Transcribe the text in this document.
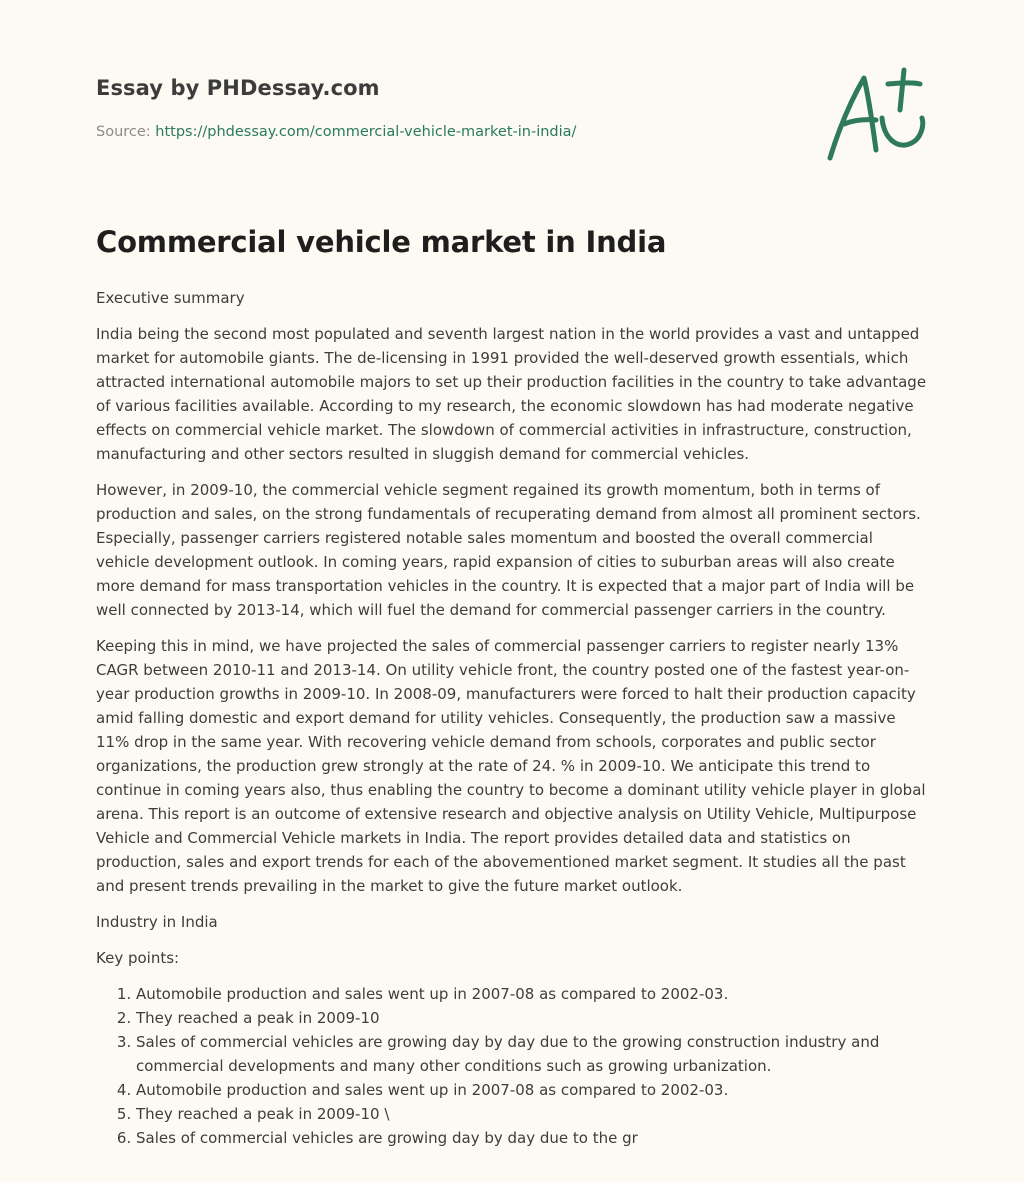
Essay by PHDessay.com
Source: https://phdessay.com/commercial-vehicle-market-in-india/
Commercial vehicle market in India

Executive summary

India being the second most populated and seventh largest nation in the world provides a vast and untapped market for automobile giants. The de-licensing in 1991 provided the well-deserved growth essentials, which attracted international automobile majors to set up their production facilities in the country to take advantage of various facilities available. According to my research, the economic slowdown has had moderate negative effects on commercial vehicle market. The slowdown of commercial activities in infrastructure, construction, manufacturing and other sectors resulted in sluggish demand for commercial vehicles.

However, in 2009-10, the commercial vehicle segment regained its growth momentum, both in terms of production and sales, on the strong fundamentals of recuperating demand from almost all prominent sectors. Especially, passenger carriers registered notable sales momentum and boosted the overall commercial vehicle development outlook. In coming years, rapid expansion of cities to suburban areas will also create more demand for mass transportation vehicles in the country. It is expected that a major part of India will be well connected by 2013-14, which will fuel the demand for commercial passenger carriers in the country.

Keeping this in mind, we have projected the sales of commercial passenger carriers to register nearly 13% CAGR between 2010-11 and 2013-14. On utility vehicle front, the country posted one of the fastest year-on-year production growths in 2009-10. In 2008-09, manufacturers were forced to halt their production capacity amid falling domestic and export demand for utility vehicles. Consequently, the production saw a massive 11% drop in the same year. With recovering vehicle demand from schools, corporates and public sector organizations, the production grew strongly at the rate of 24. % in 2009-10. We anticipate this trend to continue in coming years also, thus enabling the country to become a dominant utility vehicle player in global arena. This report is an outcome of extensive research and objective analysis on Utility Vehicle, Multipurpose Vehicle and Commercial Vehicle markets in India. The report provides detailed data and statistics on production, sales and export trends for each of the abovementioned market segment. It studies all the past and present trends prevailing in the market to give the future market outlook.

Industry in India

Key points:

1. Automobile production and sales went up in 2007-08 as compared to 2002-03.
2. They reached a peak in 2009-10
3. Sales of commercial vehicles are growing day by day due to the growing construction industry and commercial developments and many other conditions such as growing urbanization.
4. Automobile production and sales went up in 2007-08 as compared to 2002-03.
5. They reached a peak in 2009-10 \
6. Sales of commercial vehicles are growing day by day due to the gr
